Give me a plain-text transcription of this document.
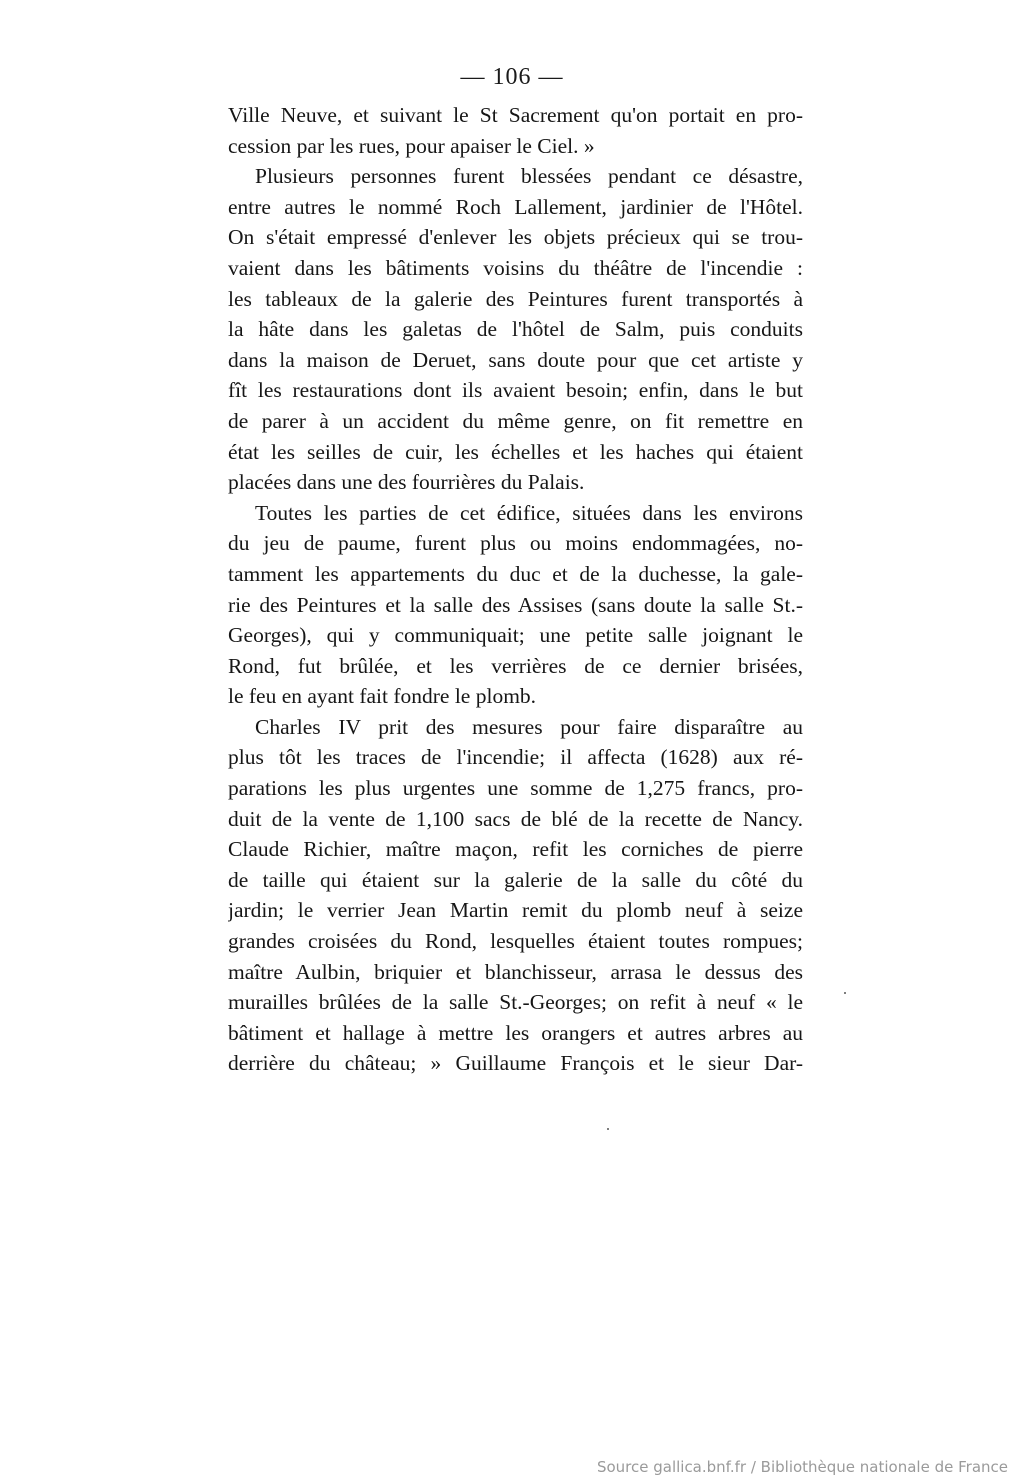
— 106 —
Ville Neuve, et suivant le St Sacrement qu'on portait en pro-
cession par les rues, pour apaiser le Ciel. »
Plusieurs personnes furent blessées pendant ce désastre,
entre autres le nommé Roch Lallement, jardinier de l'Hôtel.
On s'était empressé d'enlever les objets précieux qui se trou-
vaient dans les bâtiments voisins du théâtre de l'incendie :
les tableaux de la galerie des Peintures furent transportés à
la hâte dans les galetas de l'hôtel de Salm, puis conduits
dans la maison de Deruet, sans doute pour que cet artiste y
fît les restaurations dont ils avaient besoin; enfin, dans le but
de parer à un accident du même genre, on fit remettre en
état les seilles de cuir, les échelles et les haches qui étaient
placées dans une des fourrières du Palais.
Toutes les parties de cet édifice, situées dans les environs
du jeu de paume, furent plus ou moins endommagées, no-
tamment les appartements du duc et de la duchesse, la gale-
rie des Peintures et la salle des Assises (sans doute la salle St.-
Georges), qui y communiquait; une petite salle joignant le
Rond, fut brûlée, et les verrières de ce dernier brisées,
le feu en ayant fait fondre le plomb.
Charles IV prit des mesures pour faire disparaître au
plus tôt les traces de l'incendie; il affecta (1628) aux ré-
parations les plus urgentes une somme de 1,275 francs, pro-
duit de la vente de 1,100 sacs de blé de la recette de Nancy.
Claude Richier, maître maçon, refit les corniches de pierre
de taille qui étaient sur la galerie de la salle du côté du
jardin; le verrier Jean Martin remit du plomb neuf à seize
grandes croisées du Rond, lesquelles étaient toutes rompues;
maître Aulbin, briquier et blanchisseur, arrasa le dessus des
murailles brûlées de la salle St.-Georges; on refit à neuf « le
bâtiment et hallage à mettre les orangers et autres arbres au
derrière du château; » Guillaume François et le sieur Dar-
Source gallica.bnf.fr / Bibliothèque nationale de France
